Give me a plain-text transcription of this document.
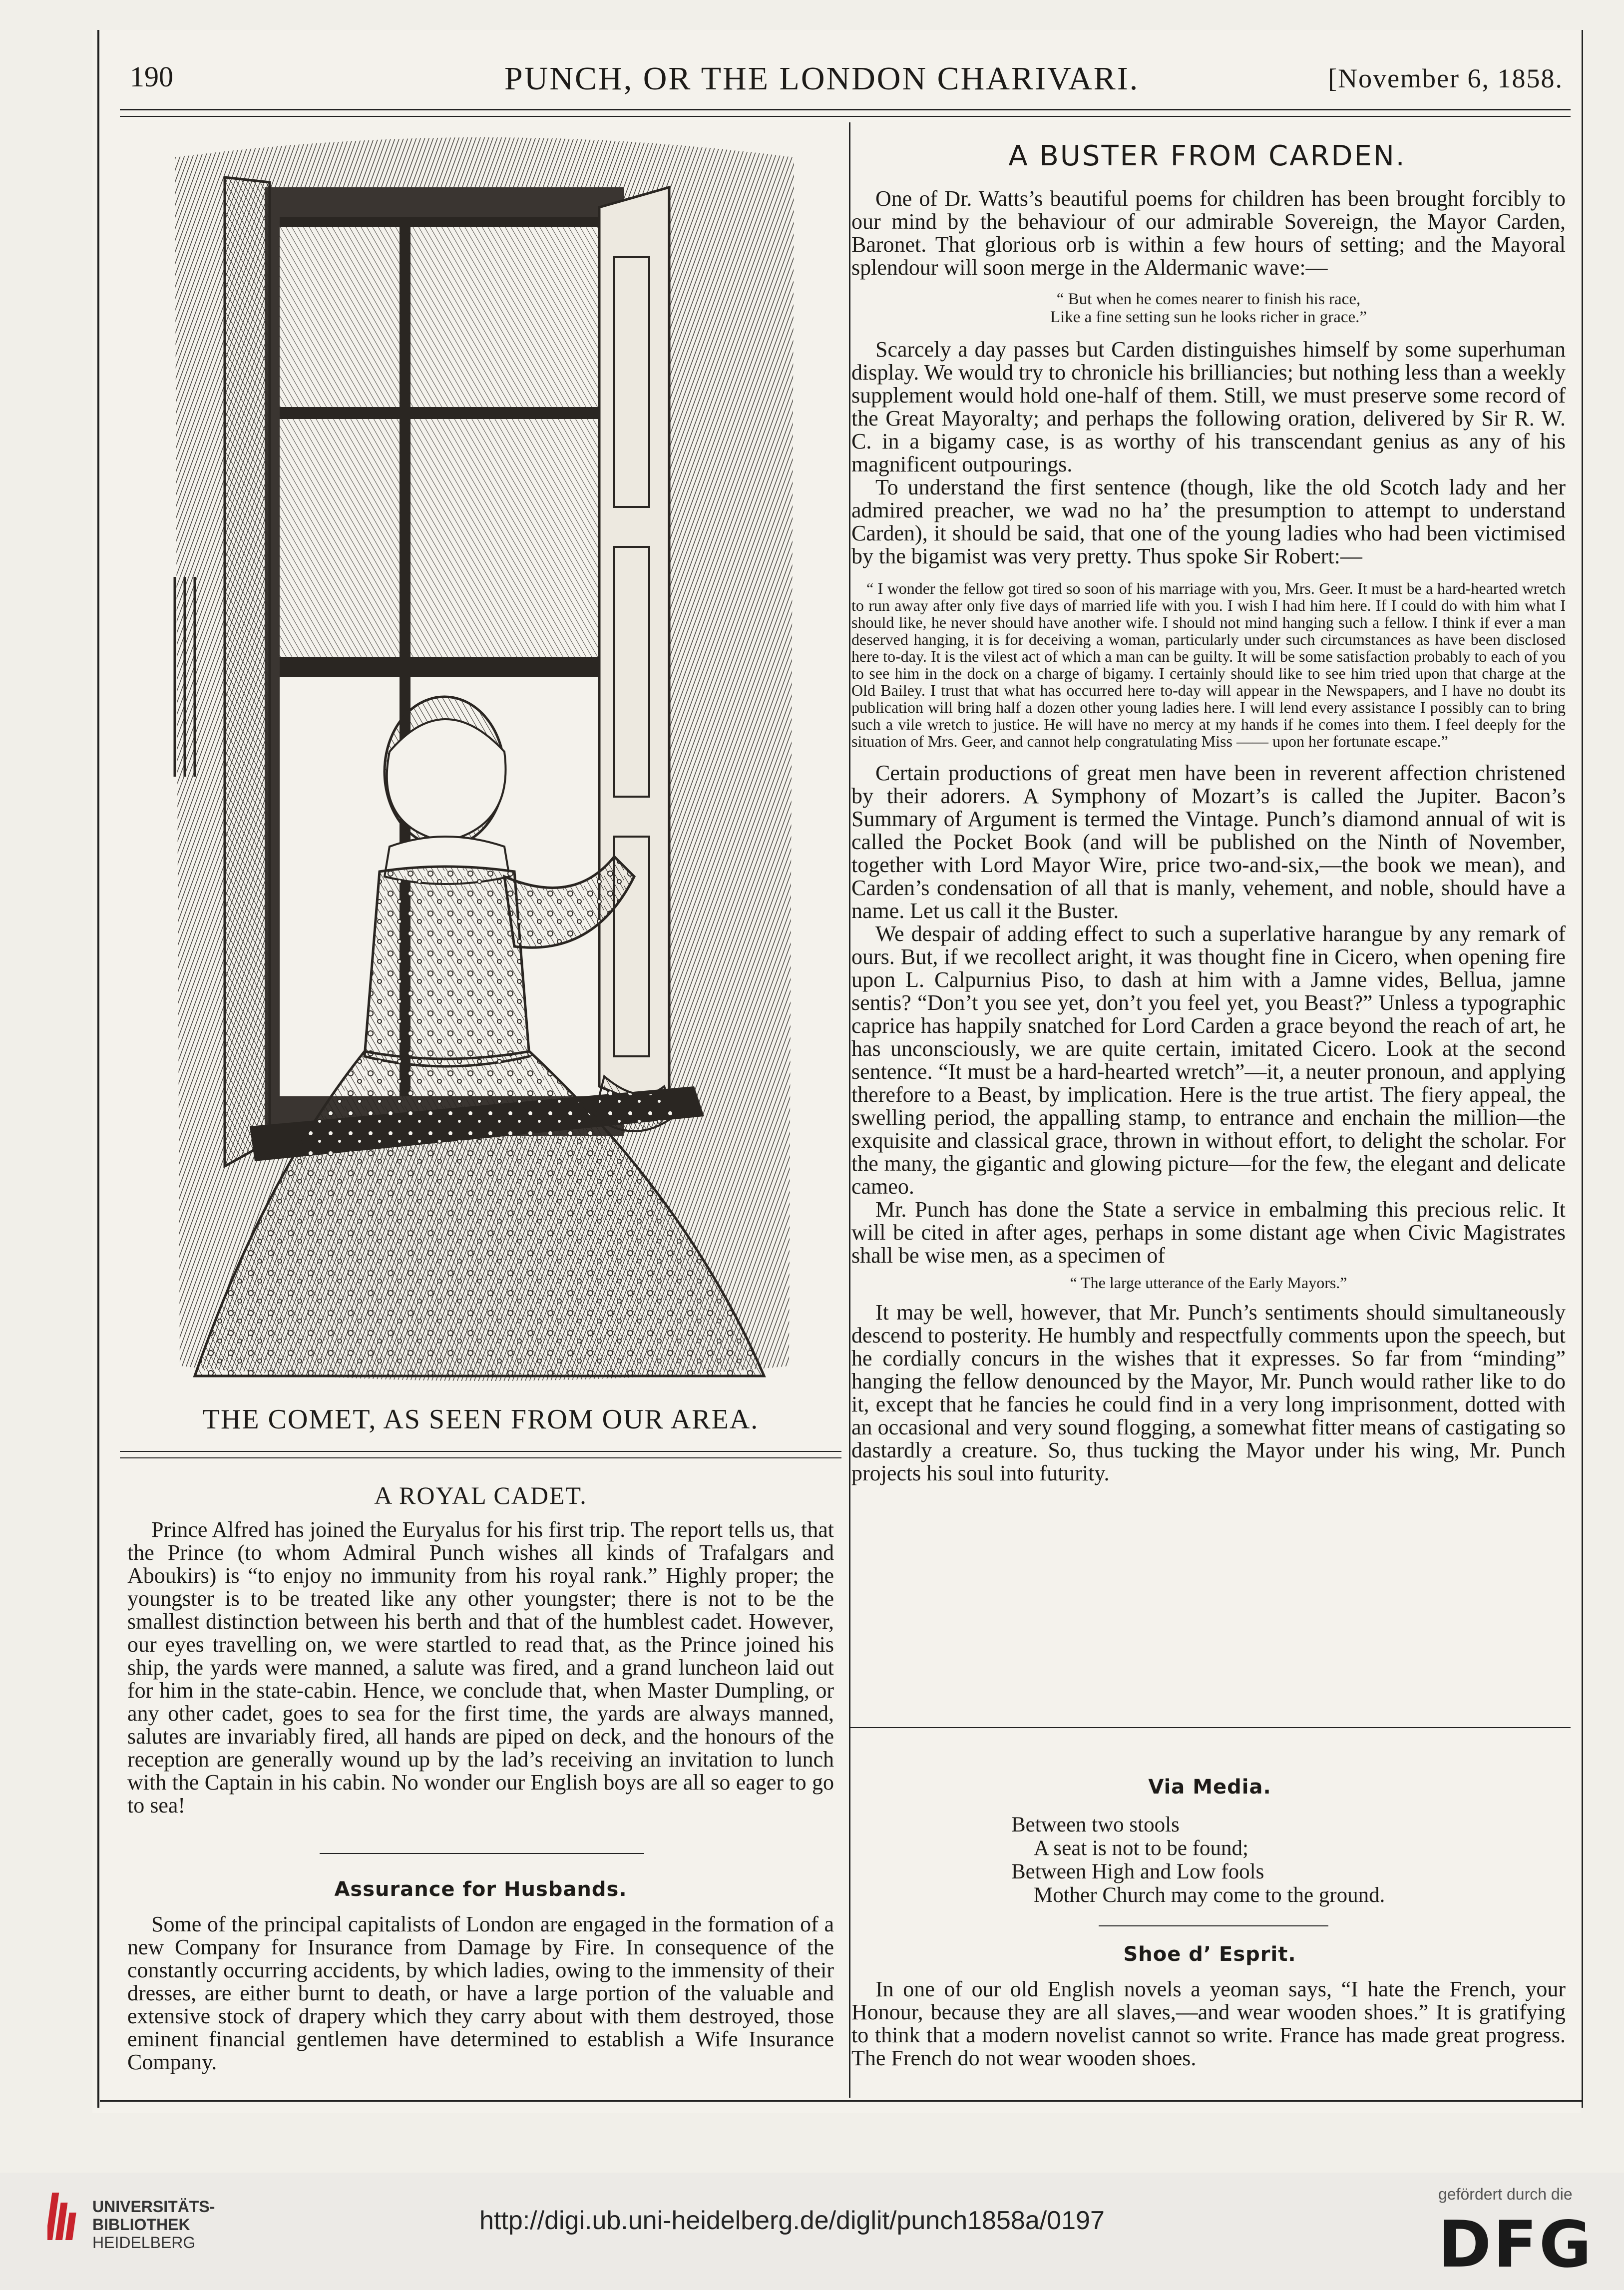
190	PUNCH, OR THE LONDON CHARIVARI.	[November 6, 1858.
THE COMET, AS SEEN FROM OUR AREA.
A ROYAL CADET.

Prince Alfred has joined the Euryalus for his first trip. The report tells us, that the Prince (to whom Admiral Punch wishes all kinds of Trafalgars and Aboukirs) is “to enjoy no immunity from his royal rank.” Highly proper; the youngster is to be treated like any other youngster; there is not to be the smallest distinction between his berth and that of the humblest cadet. However, our eyes travelling on, we were startled to read that, as the Prince joined his ship, the yards were manned, a salute was fired, and a grand luncheon laid out for him in the state-cabin. Hence, we conclude that, when Master Dumpling, or any other cadet, goes to sea for the first time, the yards are always manned, salutes are invariably fired, all hands are piped on deck, and the honours of the reception are generally wound up by the lad’s receiving an invitation to lunch with the Captain in his cabin. No wonder our English boys are all so eager to go to sea!

Assurance for Husbands.

Some of the principal capitalists of London are engaged in the formation of a new Company for Insurance from Damage by Fire. In consequence of the constantly occurring accidents, by which ladies, owing to the immensity of their dresses, are either burnt to death, or have a large portion of the valuable and extensive stock of drapery which they carry about with them destroyed, those eminent financial gentlemen have determined to establish a Wife Insurance Company.

A BUSTER FROM CARDEN.

One of Dr. Watts’s beautiful poems for children has been brought forcibly to our mind by the behaviour of our admirable Sovereign, the Mayor Carden, Baronet. That glorious orb is within a few hours of setting; and the Mayoral splendour will soon merge in the Aldermanic wave:—

“ But when he comes nearer to finish his race,
Like a fine setting sun he looks richer in grace.”

Scarcely a day passes but Carden distinguishes himself by some superhuman display. We would try to chronicle his brilliancies; but nothing less than a weekly supplement would hold one-half of them. Still, we must preserve some record of the Great Mayoralty; and perhaps the following oration, delivered by Sir R. W. C. in a bigamy case, is as worthy of his transcendant genius as any of his magnificent outpourings.

To understand the first sentence (though, like the old Scotch lady and her admired preacher, we wad no ha’ the presumption to attempt to understand Carden), it should be said, that one of the young ladies who had been victimised by the bigamist was very pretty. Thus spoke Sir Robert:—

“ I wonder the fellow got tired so soon of his marriage with you, Mrs. Geer. It must be a hard-hearted wretch to run away after only five days of married life with you. I wish I had him here. If I could do with him what I should like, he never should have another wife. I should not mind hanging such a fellow. I think if ever a man deserved hanging, it is for deceiving a woman, particularly under such circumstances as have been disclosed here to-day. It is the vilest act of which a man can be guilty. It will be some satisfaction probably to each of you to see him in the dock on a charge of bigamy. I certainly should like to see him tried upon that charge at the Old Bailey. I trust that what has occurred here to-day will appear in the Newspapers, and I have no doubt its publication will bring half a dozen other young ladies here. I will lend every assistance I possibly can to bring such a vile wretch to justice. He will have no mercy at my hands if he comes into them. I feel deeply for the situation of Mrs. Geer, and cannot help congratulating Miss —— upon her fortunate escape.”

Certain productions of great men have been in reverent affection christened by their adorers. A Symphony of Mozart’s is called the Jupiter. Bacon’s Summary of Argument is termed the Vintage. Punch’s diamond annual of wit is called the Pocket Book (and will be published on the Ninth of November, together with Lord Mayor Wire, price two-and-six,—the book we mean), and Carden’s condensation of all that is manly, vehement, and noble, should have a name. Let us call it the Buster.

We despair of adding effect to such a superlative harangue by any remark of ours. But, if we recollect aright, it was thought fine in Cicero, when opening fire upon L. Calpurnius Piso, to dash at him with a Jamne vides, Bellua, jamne sentis? “Don’t you see yet, don’t you feel yet, you Beast?” Unless a typographic caprice has happily snatched for Lord Carden a grace beyond the reach of art, he has unconsciously, we are quite certain, imitated Cicero. Look at the second sentence. “It must be a hard-hearted wretch”—it, a neuter pronoun, and applying therefore to a Beast, by implication. Here is the true artist. The fiery appeal, the swelling period, the appalling stamp, to entrance and enchain the million—the exquisite and classical grace, thrown in without effort, to delight the scholar. For the many, the gigantic and glowing picture—for the few, the elegant and delicate cameo.

Mr. Punch has done the State a service in embalming this precious relic. It will be cited in after ages, perhaps in some distant age when Civic Magistrates shall be wise men, as a specimen of

“ The large utterance of the Early Mayors.”

It may be well, however, that Mr. Punch’s sentiments should simultaneously descend to posterity. He humbly and respectfully comments upon the speech, but he cordially concurs in the wishes that it expresses. So far from “minding” hanging the fellow denounced by the Mayor, Mr. Punch would rather like to do it, except that he fancies he could find in a very long imprisonment, dotted with an occasional and very sound flogging, a somewhat fitter means of castigating so dastardly a creature. So, thus tucking the Mayor under his wing, Mr. Punch projects his soul into futurity.

Via Media.
Between two stools
A seat is not to be found;
Between High and Low fools
Mother Church may come to the ground.
Shoe d’ Esprit.

In one of our old English novels a yeoman says, “I hate the French, your Honour, because they are all slaves,—and wear wooden shoes.” It is gratifying to think that a modern novelist cannot so write. France has made great progress. The French do not wear wooden shoes.

UNIVERSITÄTS-
BIBLIOTHEK
HEIDELBERG
http://digi.ub.uni-heidelberg.de/diglit/punch1858a/0197
gefördert durch die
DFG
